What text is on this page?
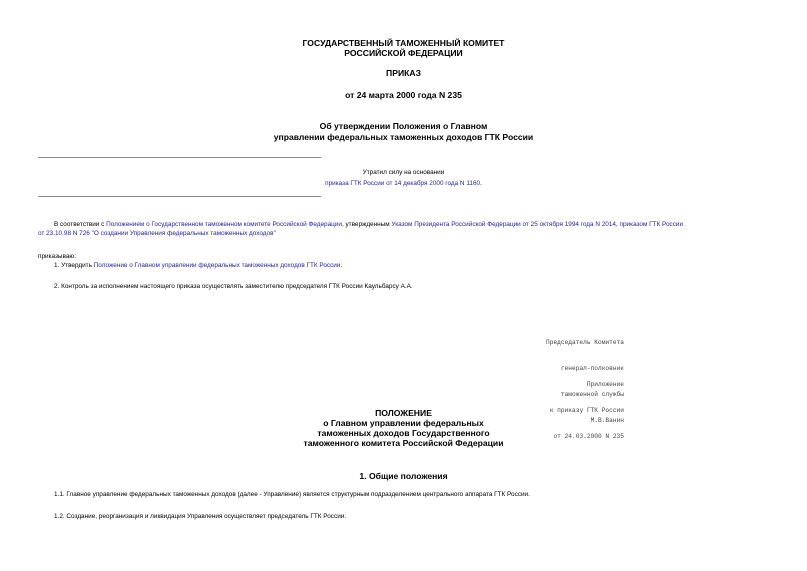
ГОСУДАРСТВЕННЫЙ ТАМОЖЕННЫЙ КОМИТЕТ
РОССИЙСКОЙ ФЕДЕРАЦИИ
ПРИКАЗ
от 24 марта 2000 года N 235
Об утверждении Положения о Главном
управлении федеральных таможенных доходов ГТК России
Утратил силу на основании
приказа ГТК России от 14 декабря 2000 года N 1160.
В соответствии с Положением о Государственном таможенном комитете Российской Федерации, утвержденным Указом Президента Российской Федерации от 25 октября 1994 года N 2014, приказом ГТК России
от 23.10.98 N 726 "О создании Управления федеральных таможенных доходов"
приказываю:
1. Утвердить Положение о Главном управлении федеральных таможенных доходов ГТК России.
2. Контроль за исполнением настоящего приказа осуществлять заместителю председателя ГТК России Каульбарсу А.А.

Председатель Комитета

генерал-полковник

таможенной службы

М.В.Ванин

Приложение

к приказу ГТК России

от 24.03.2000 N 235

ПОЛОЖЕНИЕ
о Главном управлении федеральных
таможенных доходов Государственного
таможенного комитета Российской Федерации
1. Общие положения
1.1. Главное управление федеральных таможенных доходов (далее - Управление) является структурным подразделением центрального аппарата ГТК России.
1.2. Создание, реорганизация и ликвидация Управления осуществляет председатель ГТК России.
